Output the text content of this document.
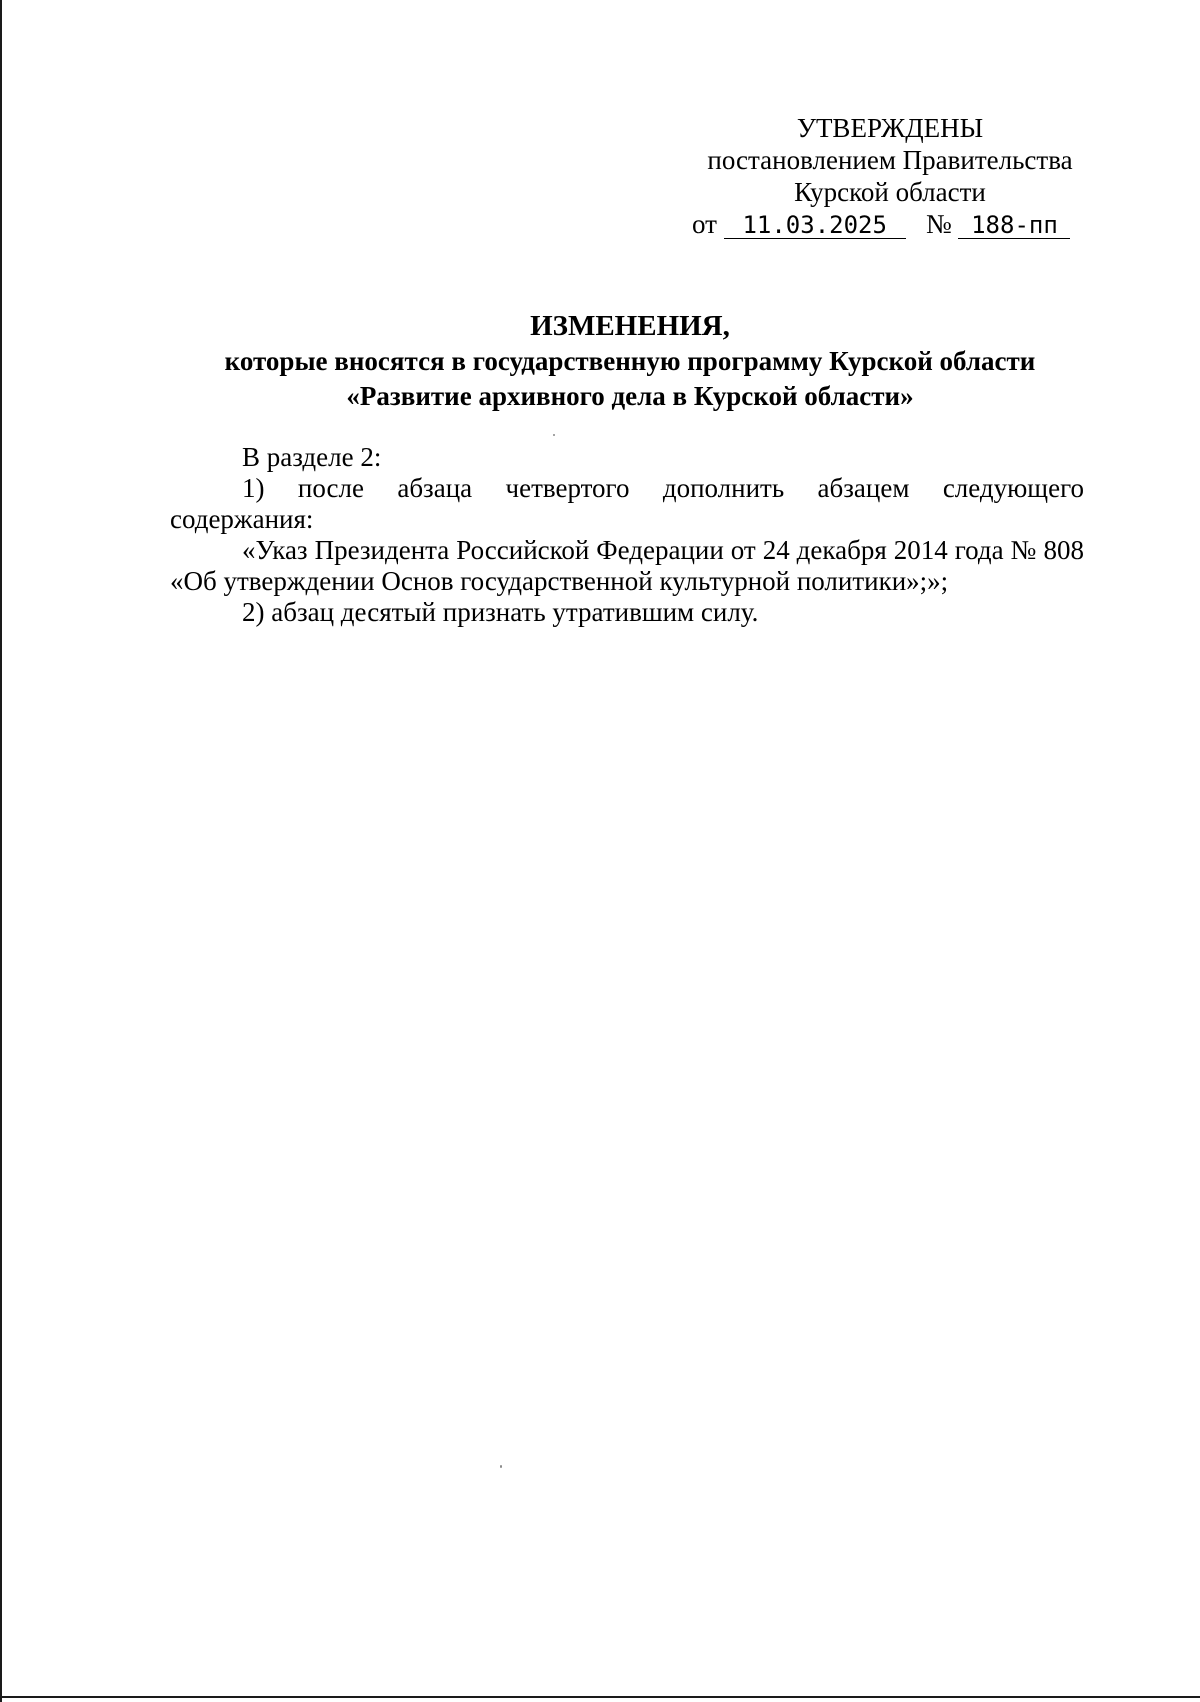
УТВЕРЖДЕНЫ
постановлением Правительства
Курской области
от 11.03.2025 № 188-пп
ИЗМЕНЕНИЯ,
которые вносятся в государственную программу Курской области
«Развитие архивного дела в Курской области»

В разделе 2:

1) после абзаца четвертого дополнить абзацем следующего

содержания:

«Указ Президента Российской Федерации от 24 декабря 2014 года № 808 «Об утверждении Основ государственной культурной политики»;»;

2) абзац десятый признать утратившим силу.
